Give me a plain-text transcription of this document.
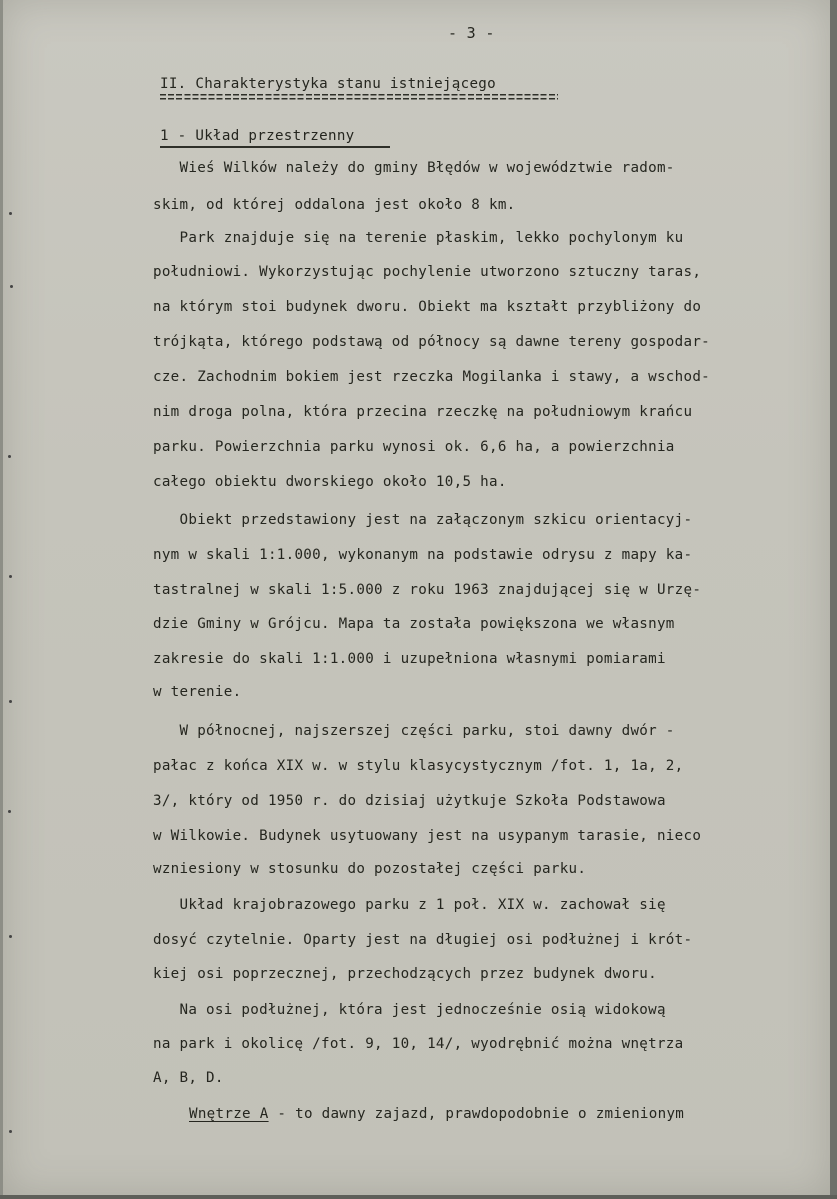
- 3 -
II. Charakterystyka stanu istniejącego
1 - Układ przestrzenny
Wieś Wilków należy do gminy Błędów w województwie radom-
skim, od której oddalona jest około 8 km.
Park znajduje się na terenie płaskim, lekko pochylonym ku
południowi. Wykorzystując pochylenie utworzono sztuczny taras,
na którym stoi budynek dworu. Obiekt ma kształt przybliżony do
trójkąta, którego podstawą od północy są dawne tereny gospodar-
cze. Zachodnim bokiem jest rzeczka Mogilanka i stawy, a wschod-
nim droga polna, która przecina rzeczkę na południowym krańcu
parku. Powierzchnia parku wynosi ok. 6,6 ha, a powierzchnia
całego obiektu dworskiego około 10,5 ha.
Obiekt przedstawiony jest na załączonym szkicu orientacyj-
nym w skali 1:1.000, wykonanym na podstawie odrysu z mapy ka-
tastralnej w skali 1:5.000 z roku 1963 znajdującej się w Urzę-
dzie Gminy w Grójcu. Mapa ta została powiększona we własnym
zakresie do skali 1:1.000 i uzupełniona własnymi pomiarami
w terenie.
W północnej, najszerszej części parku, stoi dawny dwór -
pałac z końca XIX w. w stylu klasycystycznym /fot. 1, 1a, 2,
3/, który od 1950 r. do dzisiaj użytkuje Szkoła Podstawowa
w Wilkowie. Budynek usytuowany jest na usypanym tarasie, nieco
wzniesiony w stosunku do pozostałej części parku.
Układ krajobrazowego parku z 1 poł. XIX w. zachował się
dosyć czytelnie. Oparty jest na długiej osi podłużnej i krót-
kiej osi poprzecznej, przechodzących przez budynek dworu.
Na osi podłużnej, która jest jednocześnie osią widokową
na park i okolicę /fot. 9, 10, 14/, wyodrębnić można wnętrza
A, B, D.
Wnętrze A - to dawny zajazd, prawdopodobnie o zmienionym
